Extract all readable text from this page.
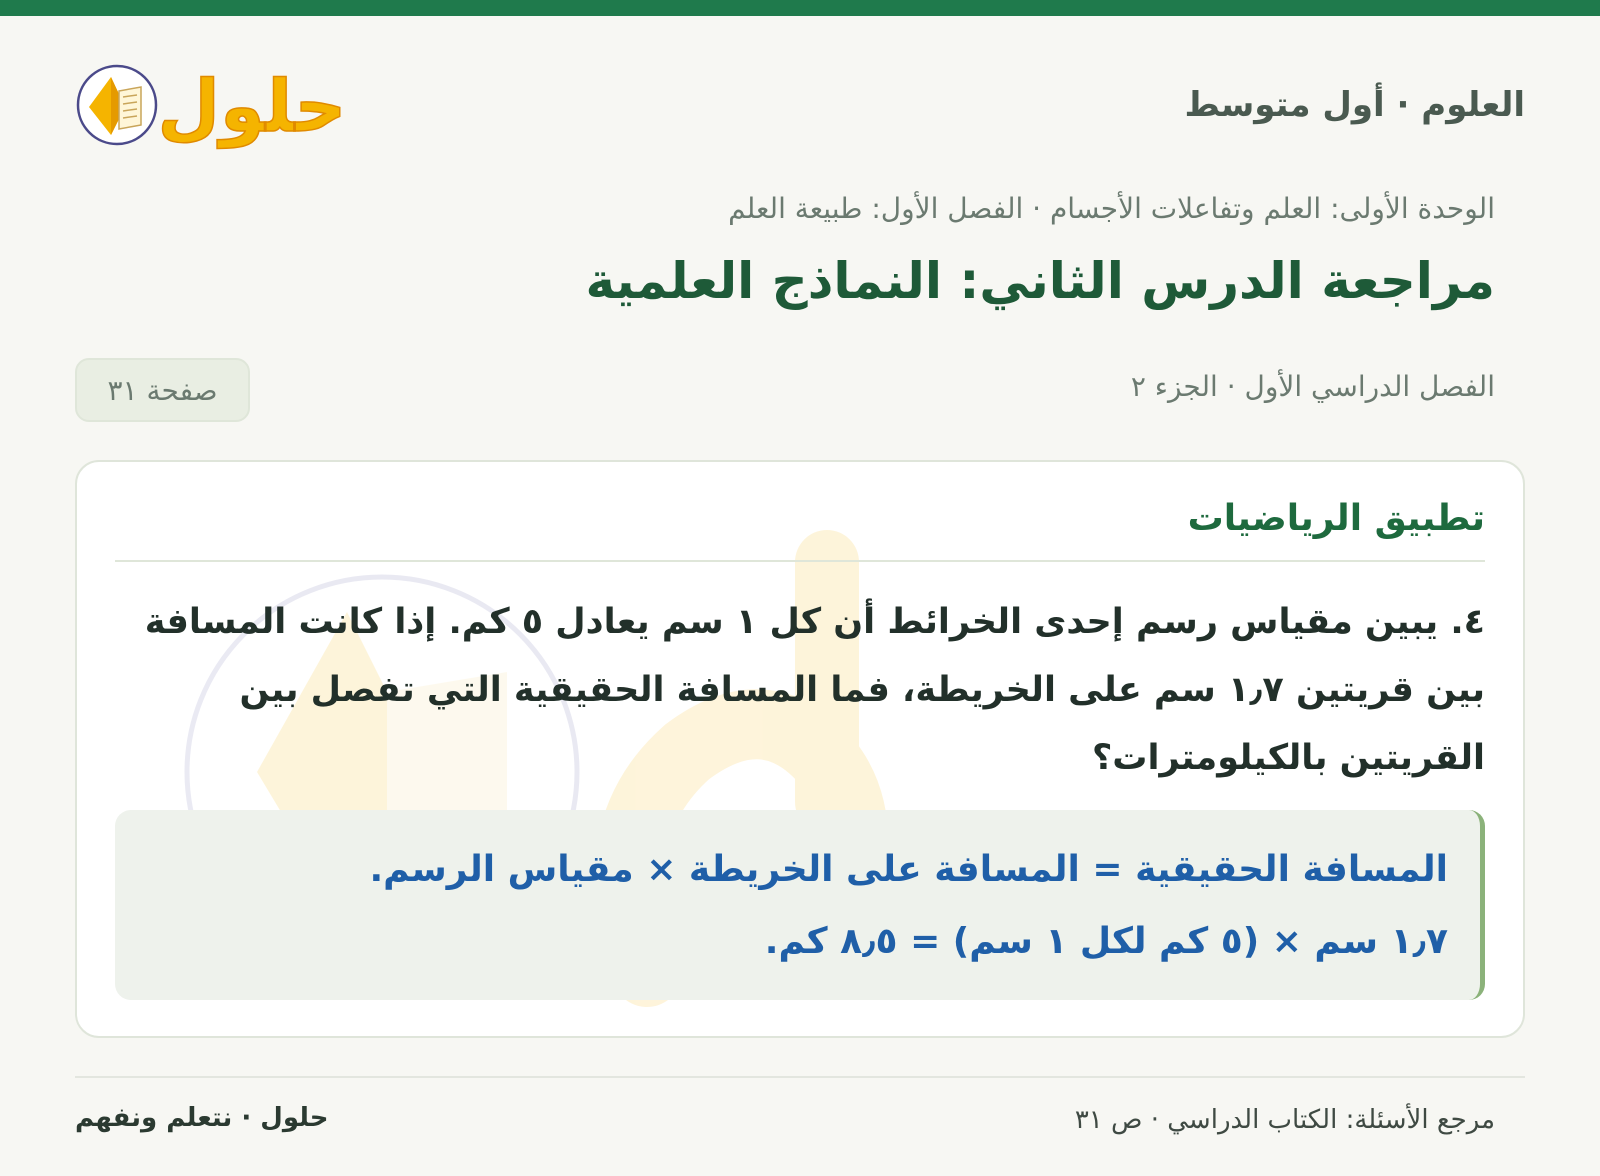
العلوم · أول متوسط
حلول
الوحدة الأولى: العلم وتفاعلات الأجسام · الفصل الأول: طبيعة العلم
مراجعة الدرس الثاني: النماذج العلمية
الفصل الدراسي الأول · الجزء ٢
صفحة ٣١
تطبيق الرياضيات
٤. يبين مقياس رسم إحدى الخرائط أن كل ١ سم يعادل ٥ كم. إذا كانت المسافة بين قريتين ١٫٧ سم على الخريطة، فما المسافة الحقيقية التي تفصل بين القريتين بالكيلومترات؟
المسافة الحقيقية = المسافة على الخريطة × مقياس الرسم.
١٫٧ سم × (٥ كم لكل ١ سم) = ٨٫٥ كم.
مرجع الأسئلة: الكتاب الدراسي · ص ٣١
حلول · نتعلم ونفهم
